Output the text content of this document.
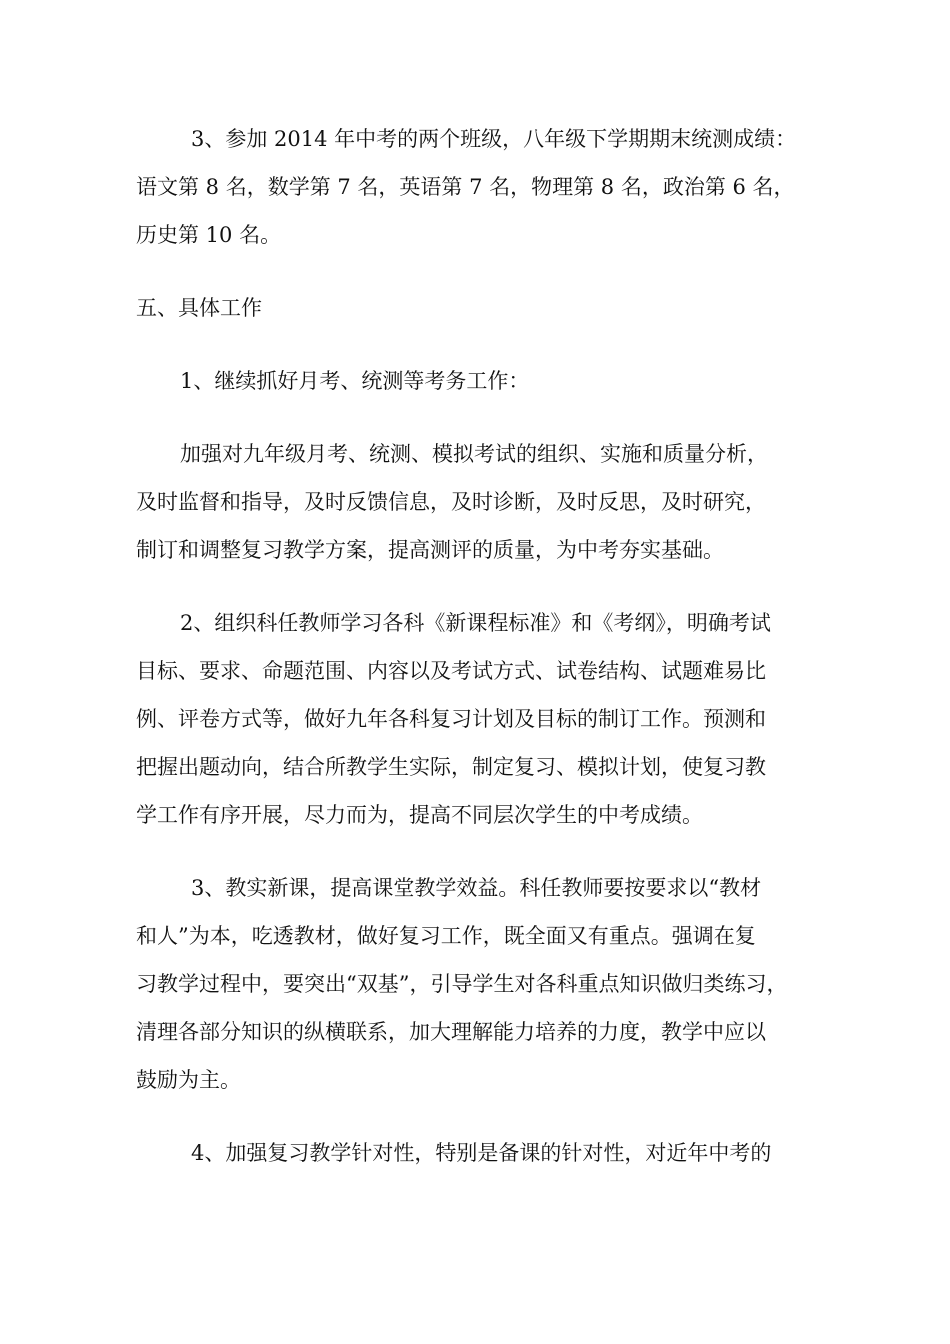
3、参加 2014 年中考的两个班级，八年级下学期期末统测成绩：
语文第 8 名，数学第 7 名，英语第 7 名，物理第 8 名，政治第 6 名，
历史第 10 名。
五、具体工作
1、继续抓好月考、统测等考务工作：
加强对九年级月考、统测、模拟考试的组织、实施和质量分析，
及时监督和指导，及时反馈信息，及时诊断，及时反思，及时研究，
制订和调整复习教学方案，提高测评的质量，为中考夯实基础。
2、组织科任教师学习各科《新课程标准》和《考纲》，明确考试
目标、要求、命题范围、内容以及考试方式、试卷结构、试题难易比
例、评卷方式等，做好九年各科复习计划及目标的制订工作。预测和
把握出题动向，结合所教学生实际，制定复习、模拟计划，使复习教
学工作有序开展，尽力而为，提高不同层次学生的中考成绩。
3、教实新课，提高课堂教学效益。科任教师要按要求以“教材
和人”为本，吃透教材，做好复习工作，既全面又有重点。强调在复
习教学过程中，要突出“双基”，引导学生对各科重点知识做归类练习，
清理各部分知识的纵横联系，加大理解能力培养的力度，教学中应以
鼓励为主。
4、加强复习教学针对性，特别是备课的针对性，对近年中考的
